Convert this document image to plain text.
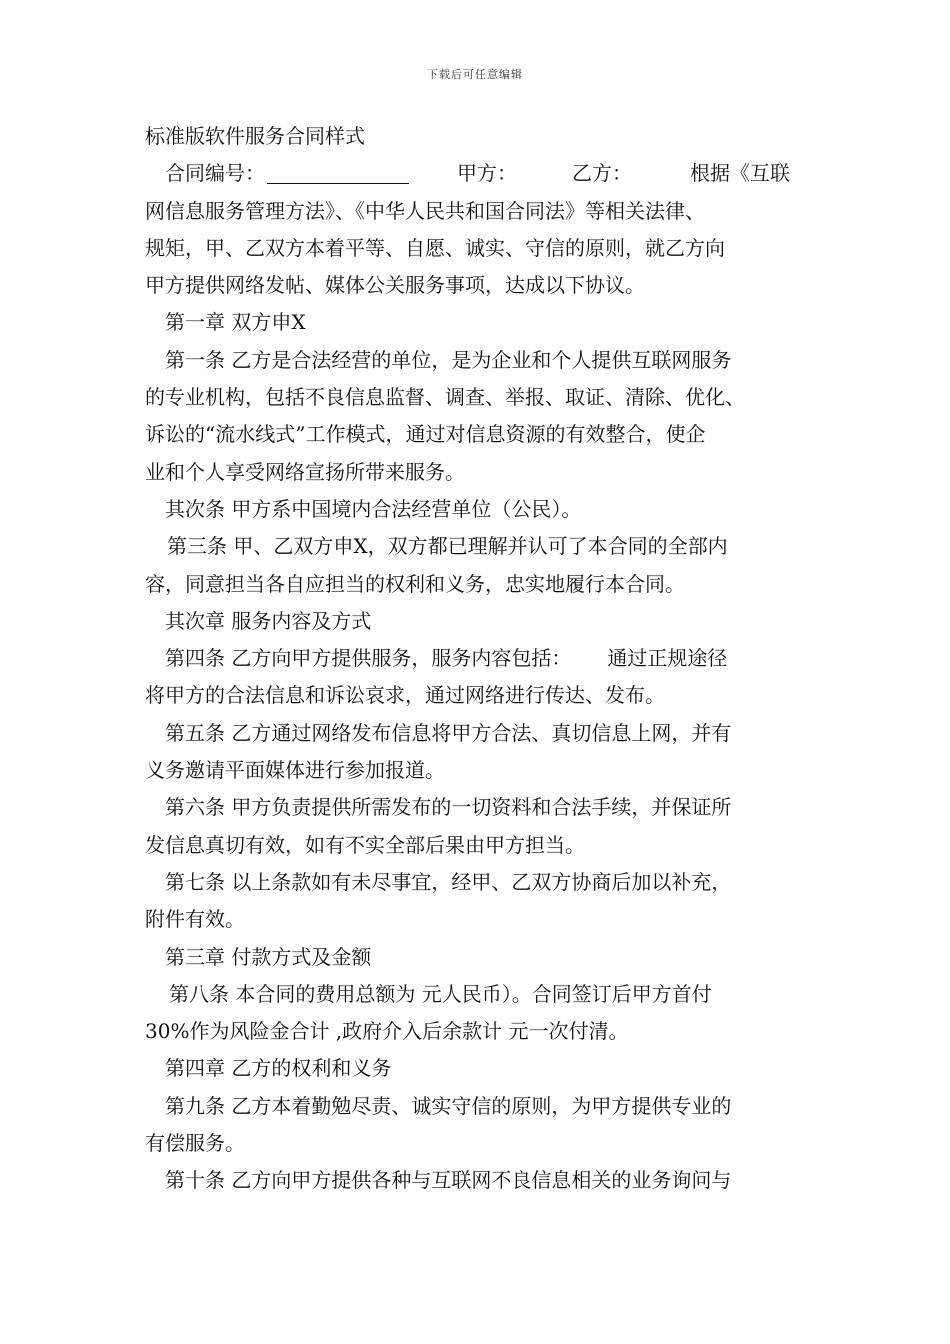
下载后可任意编辑
标准版软件服务合同样式
合同编号：	甲方：	乙方：	根据《互联
网信息服务管理方法》、《中华人民共和国合同法》等相关法律、
规矩，甲、乙双方本着平等、自愿、诚实、守信的原则，就乙方向
甲方提供网络发帖、媒体公关服务事项，达成以下协议。
第一章 双方申X
第一条 乙方是合法经营的单位，是为企业和个人提供互联网服务
的专业机构，包括不良信息监督、调查、举报、取证、清除、优化、
诉讼的“流水线式”工作模式，通过对信息资源的有效整合，使企
业和个人享受网络宣扬所带来服务。
其次条 甲方系中国境内合法经营单位（公民）。
第三条 甲、乙双方申X，双方都已理解并认可了本合同的全部内
容，同意担当各自应担当的权利和义务，忠实地履行本合同。
其次章 服务内容及方式
第四条 乙方向甲方提供服务，服务内容包括： 通过正规途径
将甲方的合法信息和诉讼哀求，通过网络进行传达、发布。
第五条 乙方通过网络发布信息将甲方合法、真切信息上网，并有
义务邀请平面媒体进行参加报道。
第六条 甲方负责提供所需发布的一切资料和合法手续，并保证所
发信息真切有效，如有不实全部后果由甲方担当。
第七条 以上条款如有未尽事宜，经甲、乙双方协商后加以补充，
附件有效。
第三章 付款方式及金额
第八条 本合同的费用总额为 元人民币）。合同签订后甲方首付
30%作为风险金合计 ,政府介入后余款计 元一次付清。
第四章 乙方的权利和义务
第九条 乙方本着勤勉尽责、诚实守信的原则，为甲方提供专业的
有偿服务。
第十条 乙方向甲方提供各种与互联网不良信息相关的业务询问与
